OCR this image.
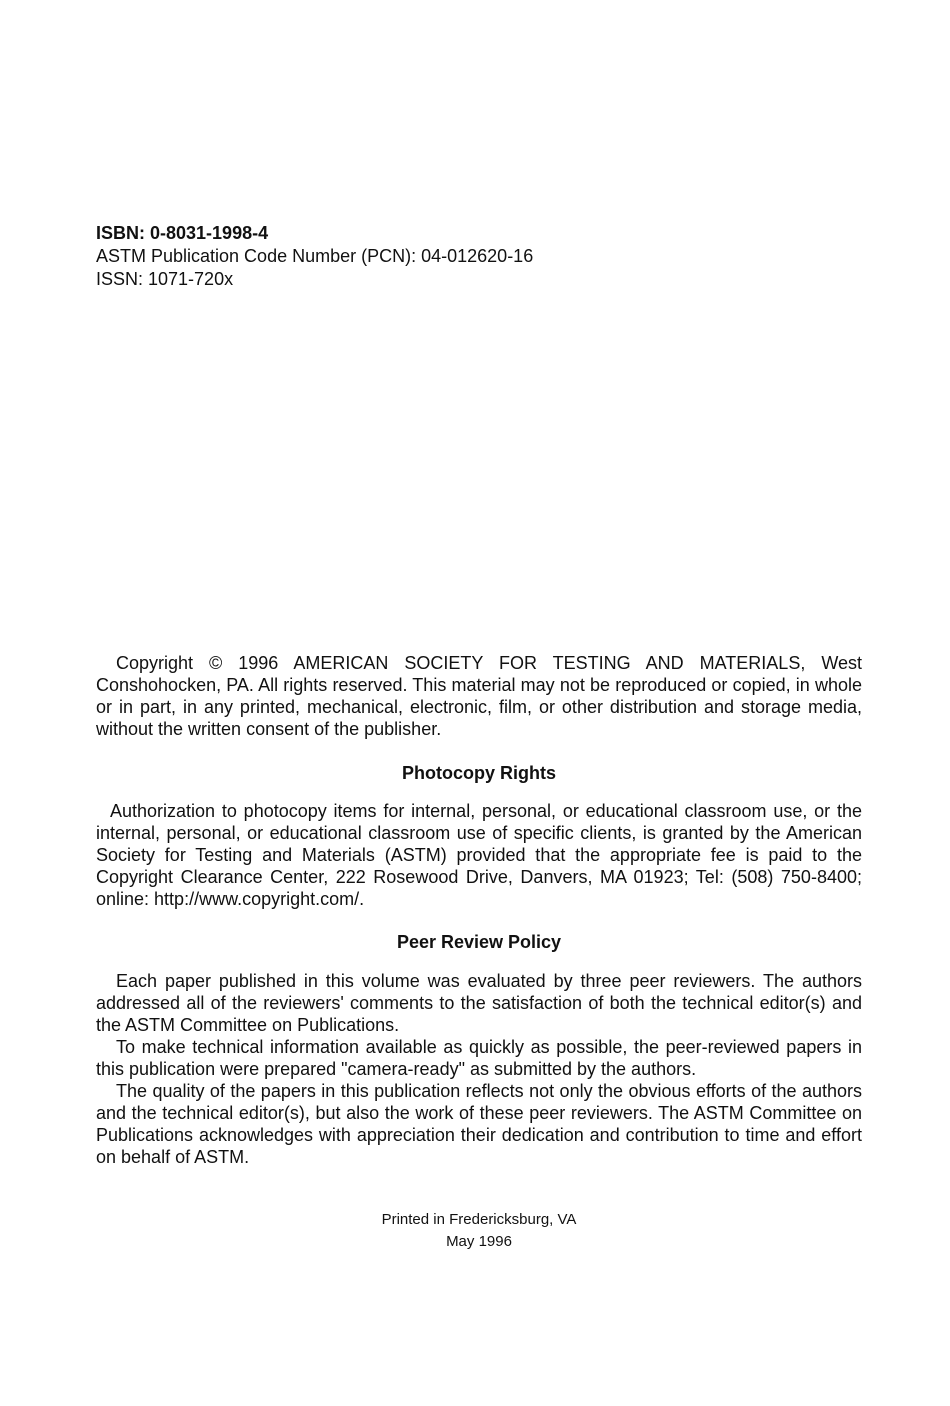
ISBN: 0-8031-1998-4
ASTM Publication Code Number (PCN): 04-012620-16
ISSN: 1071-720x
Copyright © 1996 AMERICAN SOCIETY FOR TESTING AND MATERIALS, West Conshohocken, PA. All rights reserved. This material may not be reproduced or copied, in whole or in part, in any printed, mechanical, electronic, film, or other distribution and storage media, without the written consent of the publisher.
Photocopy Rights
Authorization to photocopy items for internal, personal, or educational classroom use, or the internal, personal, or educational classroom use of specific clients, is granted by the American Society for Testing and Materials (ASTM) provided that the appropriate fee is paid to the Copyright Clearance Center, 222 Rosewood Drive, Danvers, MA 01923; Tel: (508) 750-8400; online: http://www.copyright.com/.
Peer Review Policy

Each paper published in this volume was evaluated by three peer reviewers. The authors addressed all of the reviewers' comments to the satisfaction of both the technical editor(s) and the ASTM Committee on Publications.

To make technical information available as quickly as possible, the peer-reviewed papers in this publication were prepared "camera-ready" as submitted by the authors.

The quality of the papers in this publication reflects not only the obvious efforts of the authors and the technical editor(s), but also the work of these peer reviewers. The ASTM Committee on Publications acknowledges with appreciation their dedication and contribution to time and effort on behalf of ASTM.

Printed in Fredericksburg, VA
May 1996
